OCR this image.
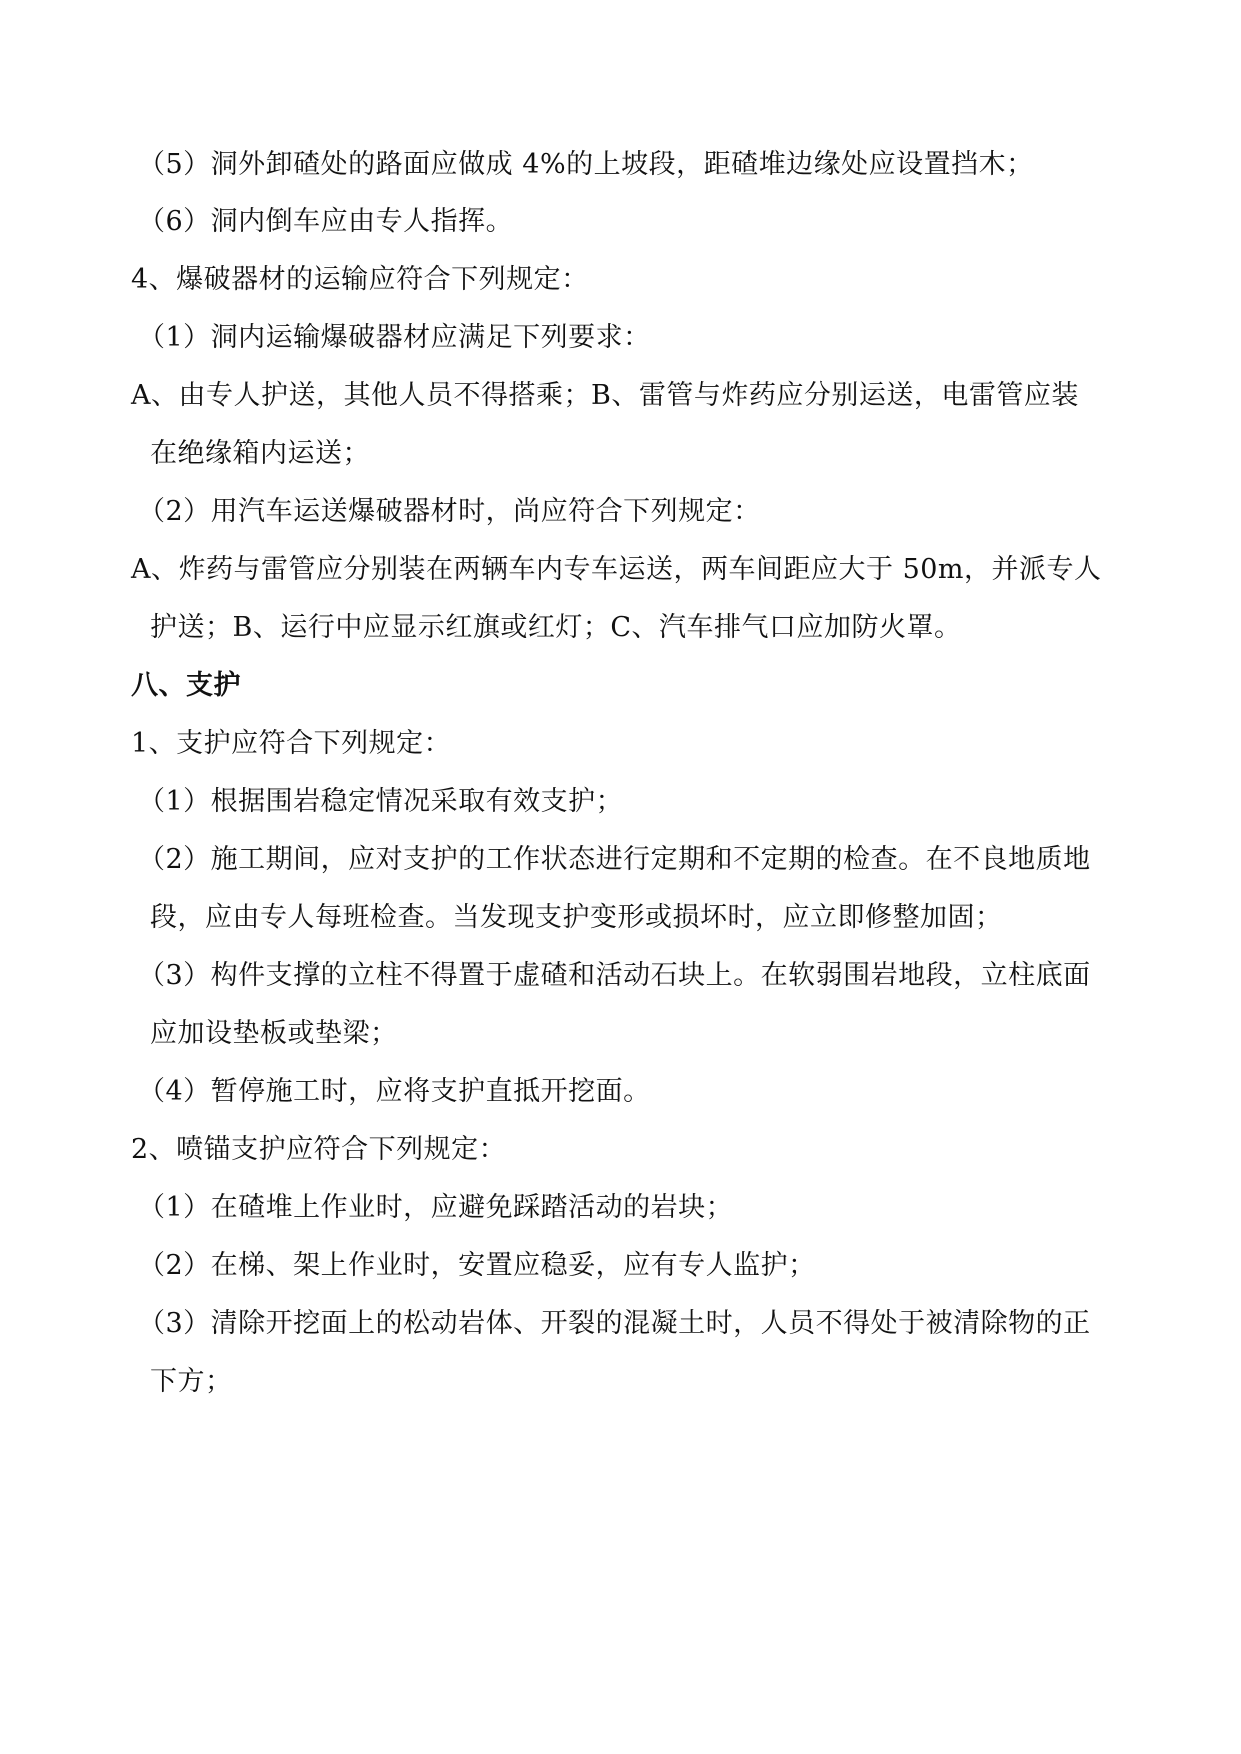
（5）洞外卸碴处的路面应做成 4%的上坡段，距碴堆边缘处应设置挡木；
（6）洞内倒车应由专人指挥。
4、爆破器材的运输应符合下列规定：
（1）洞内运输爆破器材应满足下列要求：
A、由专人护送，其他人员不得搭乘；B、雷管与炸药应分别运送，电雷管应装
在绝缘箱内运送；
（2）用汽车运送爆破器材时，尚应符合下列规定：
A、炸药与雷管应分别装在两辆车内专车运送，两车间距应大于 50m，并派专人
护送；B、运行中应显示红旗或红灯；C、汽车排气口应加防火罩。
八、支护
1、支护应符合下列规定：
（1）根据围岩稳定情况采取有效支护；
（2）施工期间，应对支护的工作状态进行定期和不定期的检查。在不良地质地
段，应由专人每班检查。当发现支护变形或损坏时，应立即修整加固；
（3）构件支撑的立柱不得置于虚碴和活动石块上。在软弱围岩地段，立柱底面
应加设垫板或垫梁；
（4）暂停施工时，应将支护直抵开挖面。
2、喷锚支护应符合下列规定：
（1）在碴堆上作业时，应避免踩踏活动的岩块；
（2）在梯、架上作业时，安置应稳妥，应有专人监护；
（3）清除开挖面上的松动岩体、开裂的混凝土时，人员不得处于被清除物的正
下方；
